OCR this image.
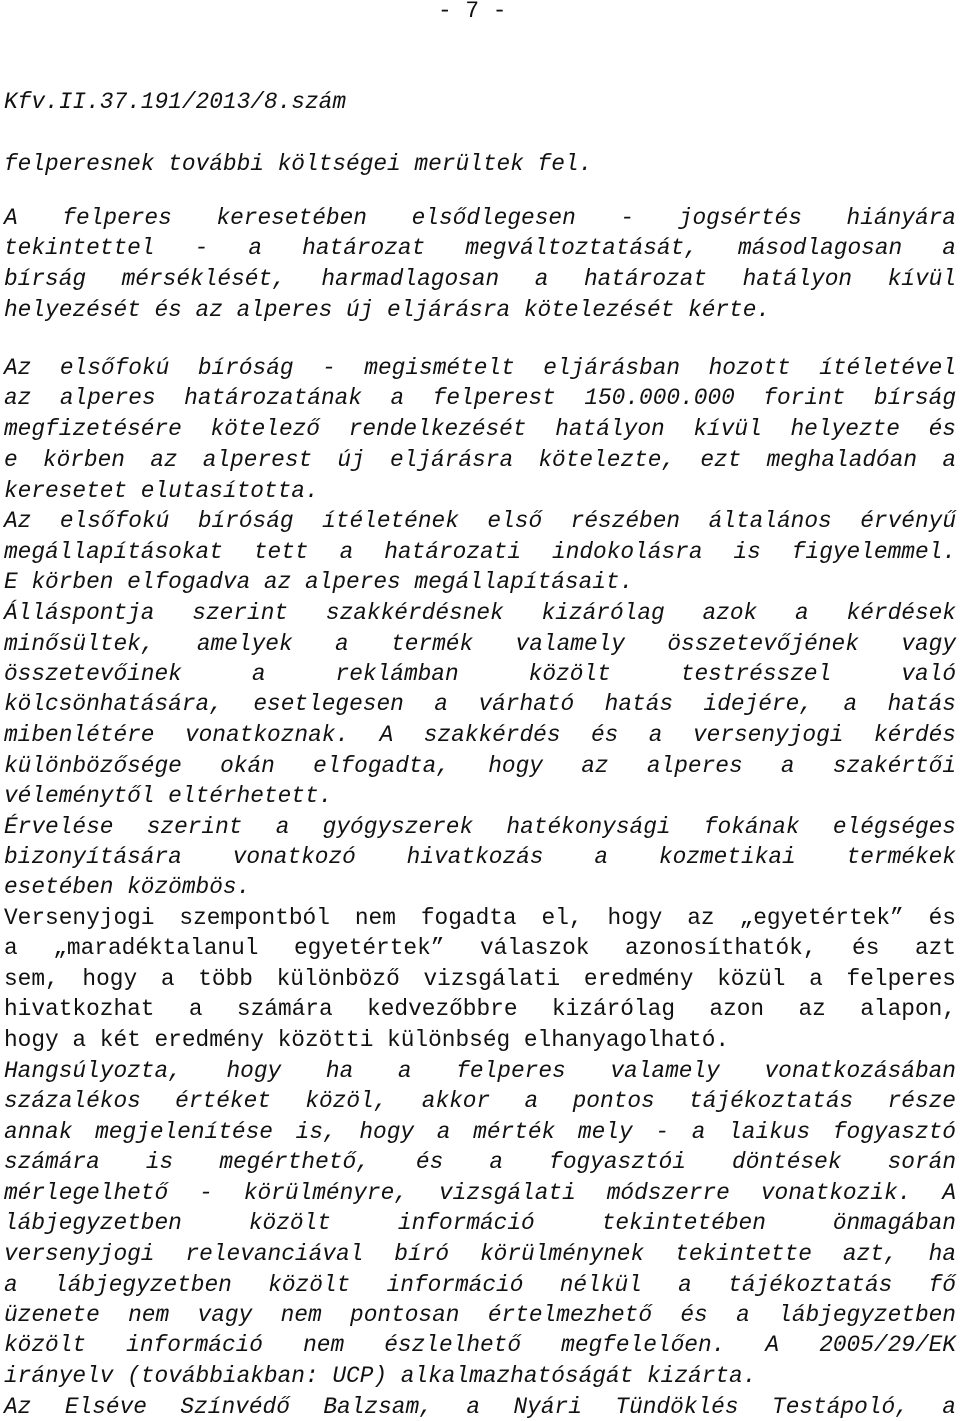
- 7 -
Kfv.II.37.191/2013/8.szám
felperesnek további költségei merültek fel.
A felperes keresetében elsődlegesen - jogsértés hiányára
tekintettel - a határozat megváltoztatását, másodlagosan a
bírság mérséklését, harmadlagosan a határozat hatályon kívül
helyezését és az alperes új eljárásra kötelezését kérte.
Az elsőfokú bíróság - megismételt eljárásban hozott ítéletével
az alperes határozatának a felperest 150.000.000 forint bírság
megfizetésére kötelező rendelkezését hatályon kívül helyezte és
e körben az alperest új eljárásra kötelezte, ezt meghaladóan a
keresetet elutasította.
Az elsőfokú bíróság ítéletének első részében általános érvényű
megállapításokat tett a határozati indokolásra is figyelemmel.
E körben elfogadva az alperes megállapításait.
Álláspontja szerint szakkérdésnek kizárólag azok a kérdések
minősültek, amelyek a termék valamely összetevőjének vagy
összetevőinek a reklámban közölt testrésszel való
kölcsönhatására, esetlegesen a várható hatás idejére, a hatás
mibenlétére vonatkoznak. A szakkérdés és a versenyjogi kérdés
különbözősége okán elfogadta, hogy az alperes a szakértői
véleménytől eltérhetett.
Érvelése szerint a gyógyszerek hatékonysági fokának elégséges
bizonyítására vonatkozó hivatkozás a kozmetikai termékek
esetében közömbös.
Versenyjogi szempontból nem fogadta el, hogy az „egyetértek” és
a „maradéktalanul egyetértek” válaszok azonosíthatók, és azt
sem, hogy a több különböző vizsgálati eredmény közül a felperes
hivatkozhat a számára kedvezőbbre kizárólag azon az alapon,
hogy a két eredmény közötti különbség elhanyagolható.
Hangsúlyozta, hogy ha a felperes valamely vonatkozásában
százalékos értéket közöl, akkor a pontos tájékoztatás része
annak megjelenítése is, hogy a mérték mely - a laikus fogyasztó
számára is megérthető, és a fogyasztói döntések során
mérlegelhető - körülményre, vizsgálati módszerre vonatkozik. A
lábjegyzetben közölt információ tekintetében önmagában
versenyjogi relevanciával bíró körülménynek tekintette azt, ha
a lábjegyzetben közölt információ nélkül a tájékoztatás fő
üzenete nem vagy nem pontosan értelmezhető és a lábjegyzetben
közölt információ nem észlelhető megfelelően. A 2005/29/EK
irányelv (továbbiakban: UCP) alkalmazhatóságát kizárta.
Az Elséve Színvédő Balzsam, a Nyári Tündöklés Testápoló, a
